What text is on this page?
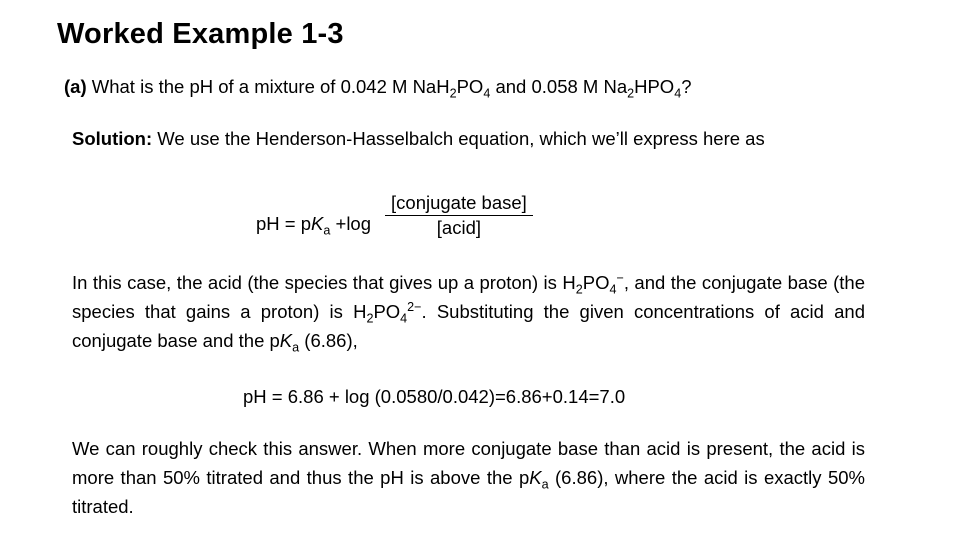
Worked Example 1-3
(a) What is the pH of a mixture of 0.042 M $NaH_2PO_4$ and 0.058 M $Na_2HPO_4$?
Solution: We use the Henderson-Hasselbalch equation, which we’ll express here as
pH = $pK_a +\log \frac{\text{[conjugate base]}}{\text{[acid]}}$
In this case, the acid (the species that gives up a proton) is $H_2PO_4^-$, and the conjugate base (the species that gains a proton) is $H_2PO_4^{2-}$. Substituting the given concentrations of acid and conjugate base and the $pK_a$ (6.86),
pH = 6.86 + log (0.0580/0.042)=6.86+0.14=7.0
We can roughly check this answer. When more conjugate base than acid is present, the acid is more than 50% titrated and thus the pH is above the $pK_a$ (6.86), where the acid is exactly 50% titrated.
